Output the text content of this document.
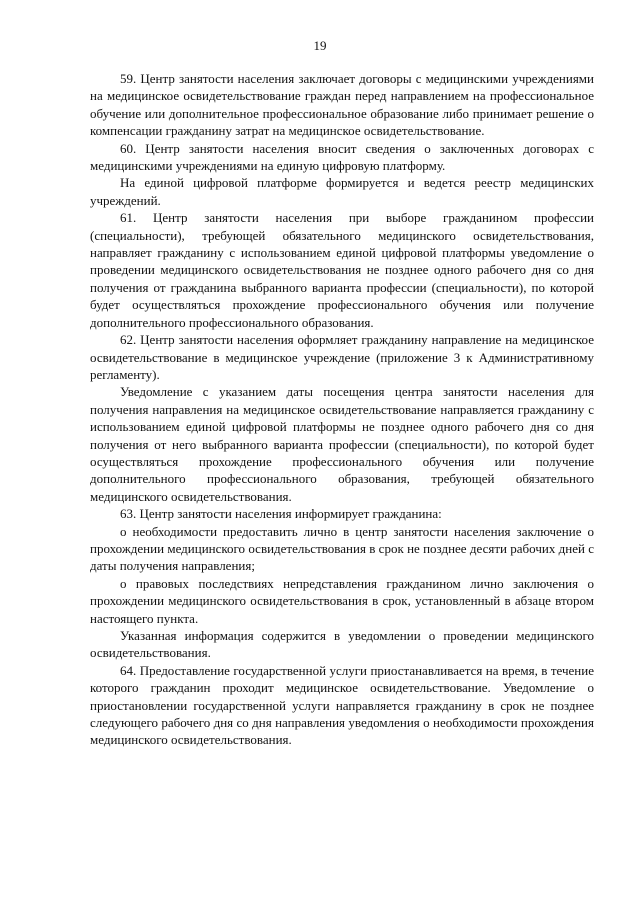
19

59. Центр занятости населения заключает договоры с медицинскими учреждениями на медицинское освидетельствование граждан перед направлением на профессиональное обучение или дополнительное профессиональное образование либо принимает решение о компенсации гражданину затрат на медицинское освидетельствование.

60. Центр занятости населения вносит сведения о заключенных договорах с медицинскими учреждениями на единую цифровую платформу.

На единой цифровой платформе формируется и ведется реестр медицинских учреждений.

61. Центр занятости населения при выборе гражданином профессии (специальности), требующей обязательного медицинского освидетельствования, направляет гражданину с использованием единой цифровой платформы уведомление о проведении медицинского освидетельствования не позднее одного рабочего дня со дня получения от гражданина выбранного варианта профессии (специальности), по которой будет осуществляться прохождение профессионального обучения или получение дополнительного профессионального образования.

62. Центр занятости населения оформляет гражданину направление на медицинское освидетельствование в медицинское учреждение (приложение 3 к Административному регламенту).

Уведомление с указанием даты посещения центра занятости населения для получения направления на медицинское освидетельствование направляется гражданину с использованием единой цифровой платформы не позднее одного рабочего дня со дня получения от него выбранного варианта профессии (специальности), по которой будет осуществляться прохождение профессионального обучения или получение дополнительного профессионального образования, требующей обязательного медицинского освидетельствования.

63. Центр занятости населения информирует гражданина:

о необходимости предоставить лично в центр занятости населения заключение о прохождении медицинского освидетельствования в срок не позднее десяти рабочих дней с даты получения направления;

о правовых последствиях непредставления гражданином лично заключения о прохождении медицинского освидетельствования в срок, установленный в абзаце втором настоящего пункта.

Указанная информация содержится в уведомлении о проведении медицинского освидетельствования.

64. Предоставление государственной услуги приостанавливается на время, в течение которого гражданин проходит медицинское освидетельствование. Уведомление о приостановлении государственной услуги направляется гражданину в срок не позднее следующего рабочего дня со дня направления уведомления о необходимости прохождения медицинского освидетельствования.
